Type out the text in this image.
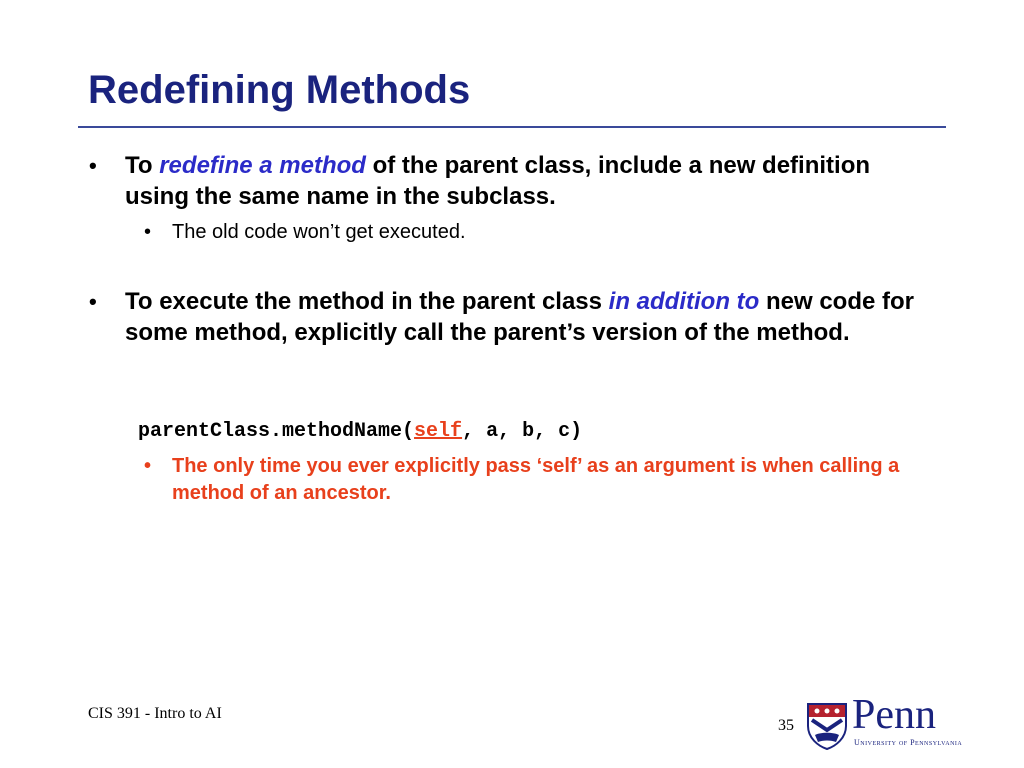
Redefining Methods
• To redefine a method of the parent class, include a new definition using the same name in the subclass.
• The old code won’t get executed.
• To execute the method in the parent class in addition to new code for some method, explicitly call the parent’s version of the method.
parentClass.methodName(self, a, b, c)
• The only time you ever explicitly pass ‘self’ as an argument is when calling a method of an ancestor.
CIS 391 - Intro to AI
35 Penn
University of Pennsylvania
